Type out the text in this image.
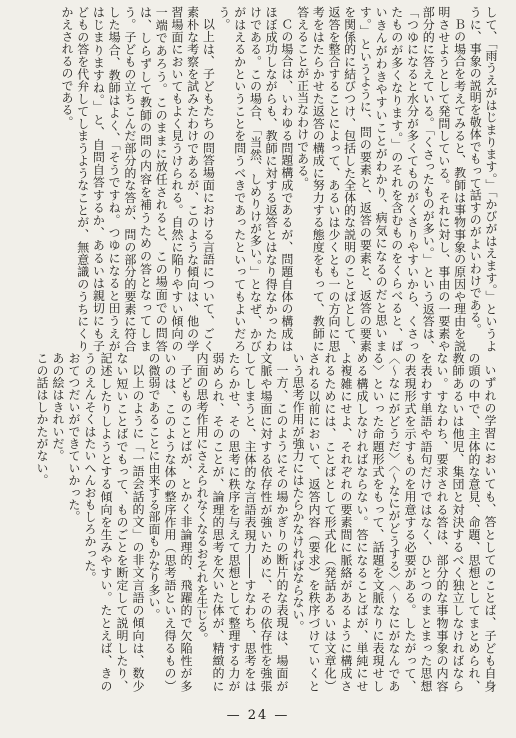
して、「雨うえがはじまります。」「かびがはえます。」というように、事象の説明を敬体でもって話すのがよいわけである。

Ｂの場合を考えてみると、教師は事物事象の原因や理由を説明させようとして発問している。それに対し、事由の一要素や部分的に答えている。「くさったものが多い。」という返答は、「つゆになると水分が多くてものがくさりやすいから、くさったものが多くなります。」のそれを含むものをくらべると、ばいきんがわきやすいことがわかり、病気になるのだと思います。」というように、問の要素と、返答の要素と、返答の要素を関係的に結びつけ、包括した全体的な説明のことばとして、返答を整合することによって、あるいは少くとも一の方向に思考をはたらかせた返答の構成に努力する態度をもって、教師に答えることが正当なわけである。

Ｃの場合は、いわゆる問題構成であるが、問題自体の構成はほぼ成功しながらも、教師に対する返答とはなり得なかったわけである。この場合、「当然、しめりけが多い。」となぜ、かびがはえるかということを問うべきであったといってもよいだろう。

以上は、子どもたちの問答場面における言語について、ごく素朴な考察を試みたわけであるが、このような傾向は、他の学習場面においてもよく見うけられる。自然に陥りやすい傾向の一端であろう。このままに放任されると、この場面での問答は、しらずして教師の問の内容を補うための答となってしまう。子どもの立ちこんだ部分的な答が、問の部分的要素に符合した場合、教師はよく、「そうですね。つゆになると田うえがはじまりますね。」と、自問自答するか、あるいは親切にも子どもの答を代弁してしまうようなことが、無意識のうちにくりかえされるのである。

いずれの学習においても、答としてのことば、子ども自身の頭の中で、主体的な意見、命題、思想としてまとめられ、教師あるいは他児、集団と対決するべく独立しなければならない。すなわち、要求される答は、部分的な事物事象の内容を表わす単語や語句だけではなく、ひとつのまとまった思想の表現形式を示すものを用意する必要がある。したがって、〈〜なにがどうだ〉〈〜なにがどうする〉〈〜なにがなんである〉といった命題形式をもって、話題を文脈なりに表現せしめる構成しなければならない。答になることばが、単純にせよ複雑にせよ、それぞれの要素間に脈絡があるように構成されるためには、ことばとして形式化（発話あるいは文章化）される以前において、返答内容（要求）を秩序づけていくという思考作用が強力にはたらかなければならない。

一方、このようにその場かぎりの断片的な表現は、場面が文脈や場面に対する依存性が強いために、その依存性を強張してしまうと、主体的な言語表現力――すなわち、思考をはたらかせ、その思考に秩序を与えて思想として整理する力が弱められ、そのことが、論理的思考を欠いた体が、精緻的に内面の思考作用にさえられなくなるおそれを生じる。

子どものことばが、とかく非論理的、飛躍的で欠陥性が多いのは、このような体の整序作用（思考語といえ得るもの）の微弱であることに由来する部面もかなり多い。

以上のように「一語会話的文」の非文言語の傾向は、数少ない短いことばでもって、ものごとを断定して説明したり、記述したりしようとする傾向を生みやすい。たとえば、きのうのえんそくはたいへんおもしろかった。

おてつだいができていかった。

あの絵はきれいだ。

この話はしかたがない。

— 24 —
